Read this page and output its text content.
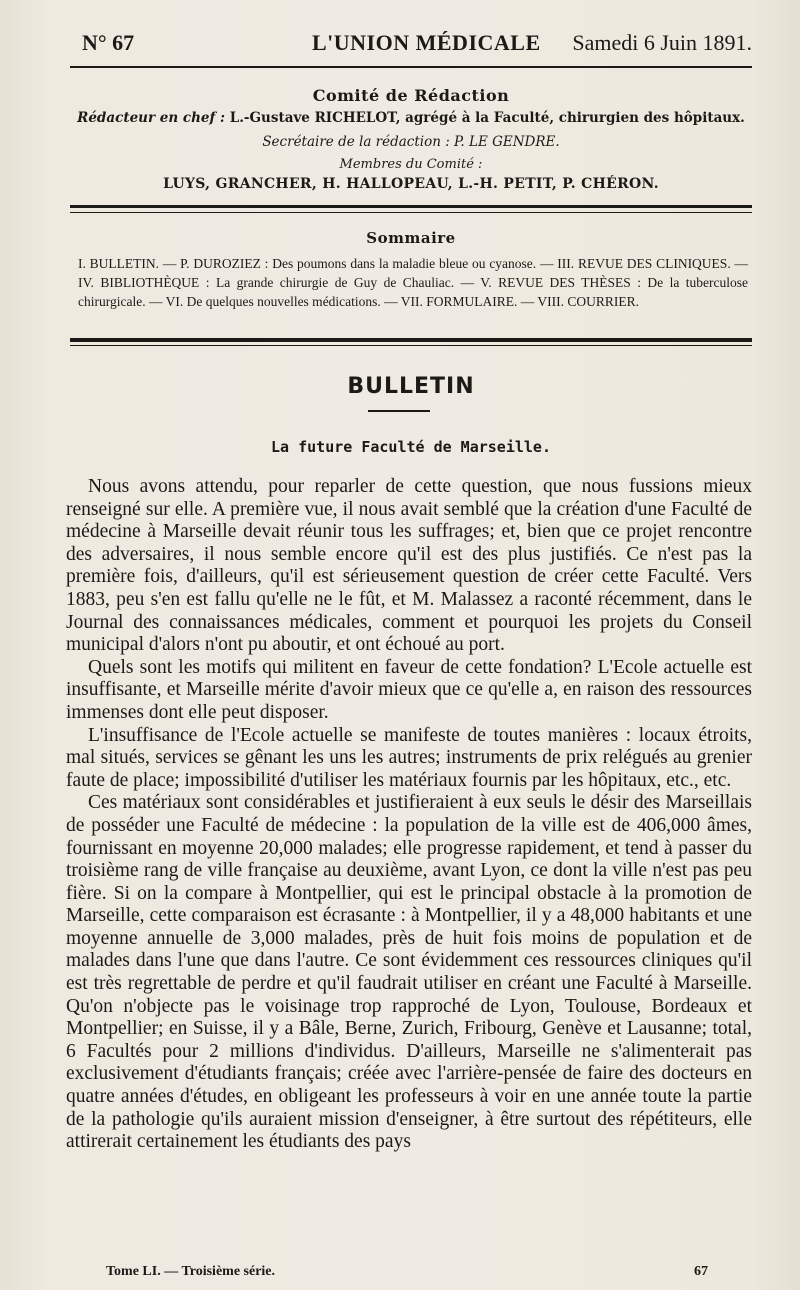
N° 67	L'UNION MÉDICALE Samedi 6 Juin 1891.
Comité de Rédaction
Rédacteur en chef : L.-Gustave RICHELOT, agrégé à la Faculté, chirurgien des hôpitaux.
Secrétaire de la rédaction : P. LE GENDRE.
Membres du Comité :
LUYS, GRANCHER, H. HALLOPEAU, L.-H. PETIT, P. CHÉRON.
Sommaire
I. BULLETIN. — P. DUROZIEZ : Des poumons dans la maladie bleue ou cyanose. — III. REVUE DES CLINIQUES. — IV. BIBLIOTHÈQUE : La grande chirurgie de Guy de Chauliac. — V. REVUE DES THÈSES : De la tuberculose chirurgicale. — VI. De quelques nouvelles médications. — VII. FORMULAIRE. — VIII. COURRIER.
BULLETIN
La future Faculté de Marseille.

Nous avons attendu, pour reparler de cette question, que nous fussions mieux renseigné sur elle. A première vue, il nous avait semblé que la création d'une Faculté de médecine à Marseille devait réunir tous les suffrages; et, bien que ce projet rencontre des adversaires, il nous semble encore qu'il est des plus justifiés. Ce n'est pas la première fois, d'ailleurs, qu'il est sérieusement question de créer cette Faculté. Vers 1883, peu s'en est fallu qu'elle ne le fût, et M. Malassez a raconté récemment, dans le Journal des connaissances médicales, comment et pourquoi les projets du Conseil municipal d'alors n'ont pu aboutir, et ont échoué au port.

Quels sont les motifs qui militent en faveur de cette fondation? L'Ecole actuelle est insuffisante, et Marseille mérite d'avoir mieux que ce qu'elle a, en raison des ressources immenses dont elle peut disposer.

L'insuffisance de l'Ecole actuelle se manifeste de toutes manières : locaux étroits, mal situés, services se gênant les uns les autres; instruments de prix relégués au grenier faute de place; impossibilité d'utiliser les matériaux fournis par les hôpitaux, etc., etc.

Ces matériaux sont considérables et justifieraient à eux seuls le désir des Marseillais de posséder une Faculté de médecine : la population de la ville est de 406,000 âmes, fournissant en moyenne 20,000 malades; elle progresse rapidement, et tend à passer du troisième rang de ville française au deuxième, avant Lyon, ce dont la ville n'est pas peu fière. Si on la compare à Montpellier, qui est le principal obstacle à la promotion de Marseille, cette comparaison est écrasante : à Montpellier, il y a 48,000 habitants et une moyenne annuelle de 3,000 malades, près de huit fois moins de population et de malades dans l'une que dans l'autre. Ce sont évidemment ces ressources cliniques qu'il est très regrettable de perdre et qu'il faudrait utiliser en créant une Faculté à Marseille. Qu'on n'objecte pas le voisinage trop rapproché de Lyon, Toulouse, Bordeaux et Montpellier; en Suisse, il y a Bâle, Berne, Zurich, Fribourg, Genève et Lausanne; total, 6 Facultés pour 2 millions d'individus. D'ailleurs, Marseille ne s'alimenterait pas exclusivement d'étudiants français; créée avec l'arrière-pensée de faire des docteurs en quatre années d'études, en obligeant les professeurs à voir en une année toute la partie de la pathologie qu'ils auraient mission d'enseigner, à être surtout des répétiteurs, elle attirerait certainement les étudiants des pays

Tome LI. — Troisième série.	67
